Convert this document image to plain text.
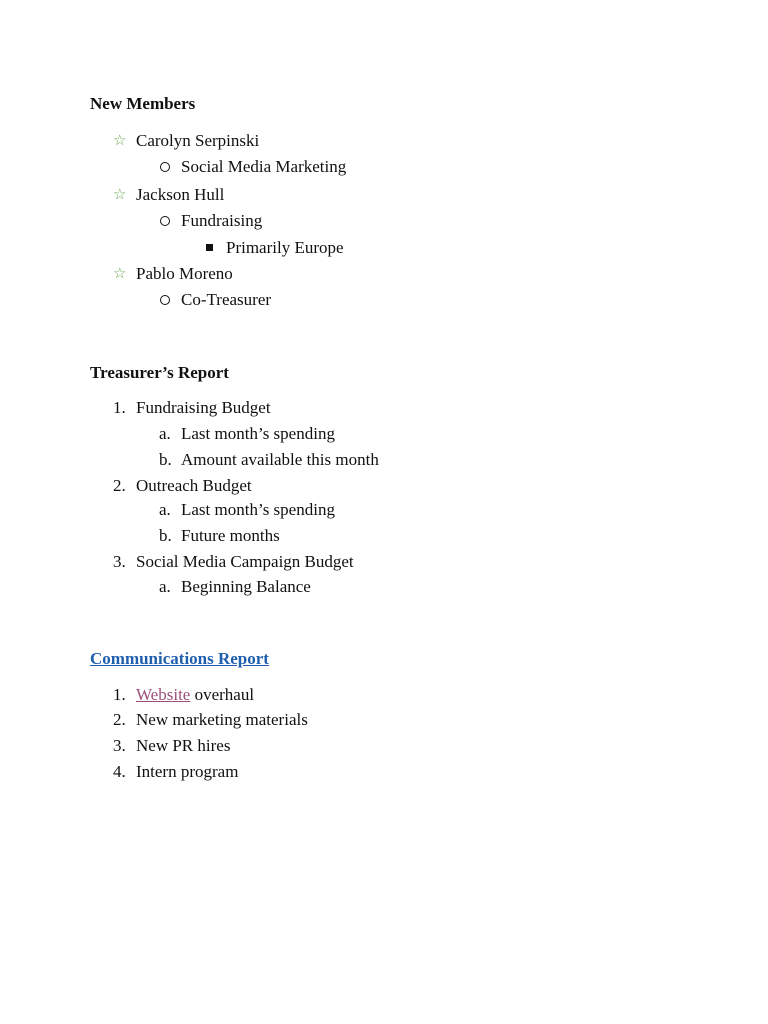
New Members
☆ Carolyn Serpinski
Social Media Marketing
☆ Jackson Hull
Fundraising
Primarily Europe
☆ Pablo Moreno
Co-Treasurer
Treasurer’s Report
1. Fundraising Budget
a. Last month’s spending
b. Amount available this month
2. Outreach Budget
a. Last month’s spending
b. Future months
3. Social Media Campaign Budget
a. Beginning Balance
Communications Report
1. Website overhaul
2. New marketing materials
3. New PR hires
4. Intern program
